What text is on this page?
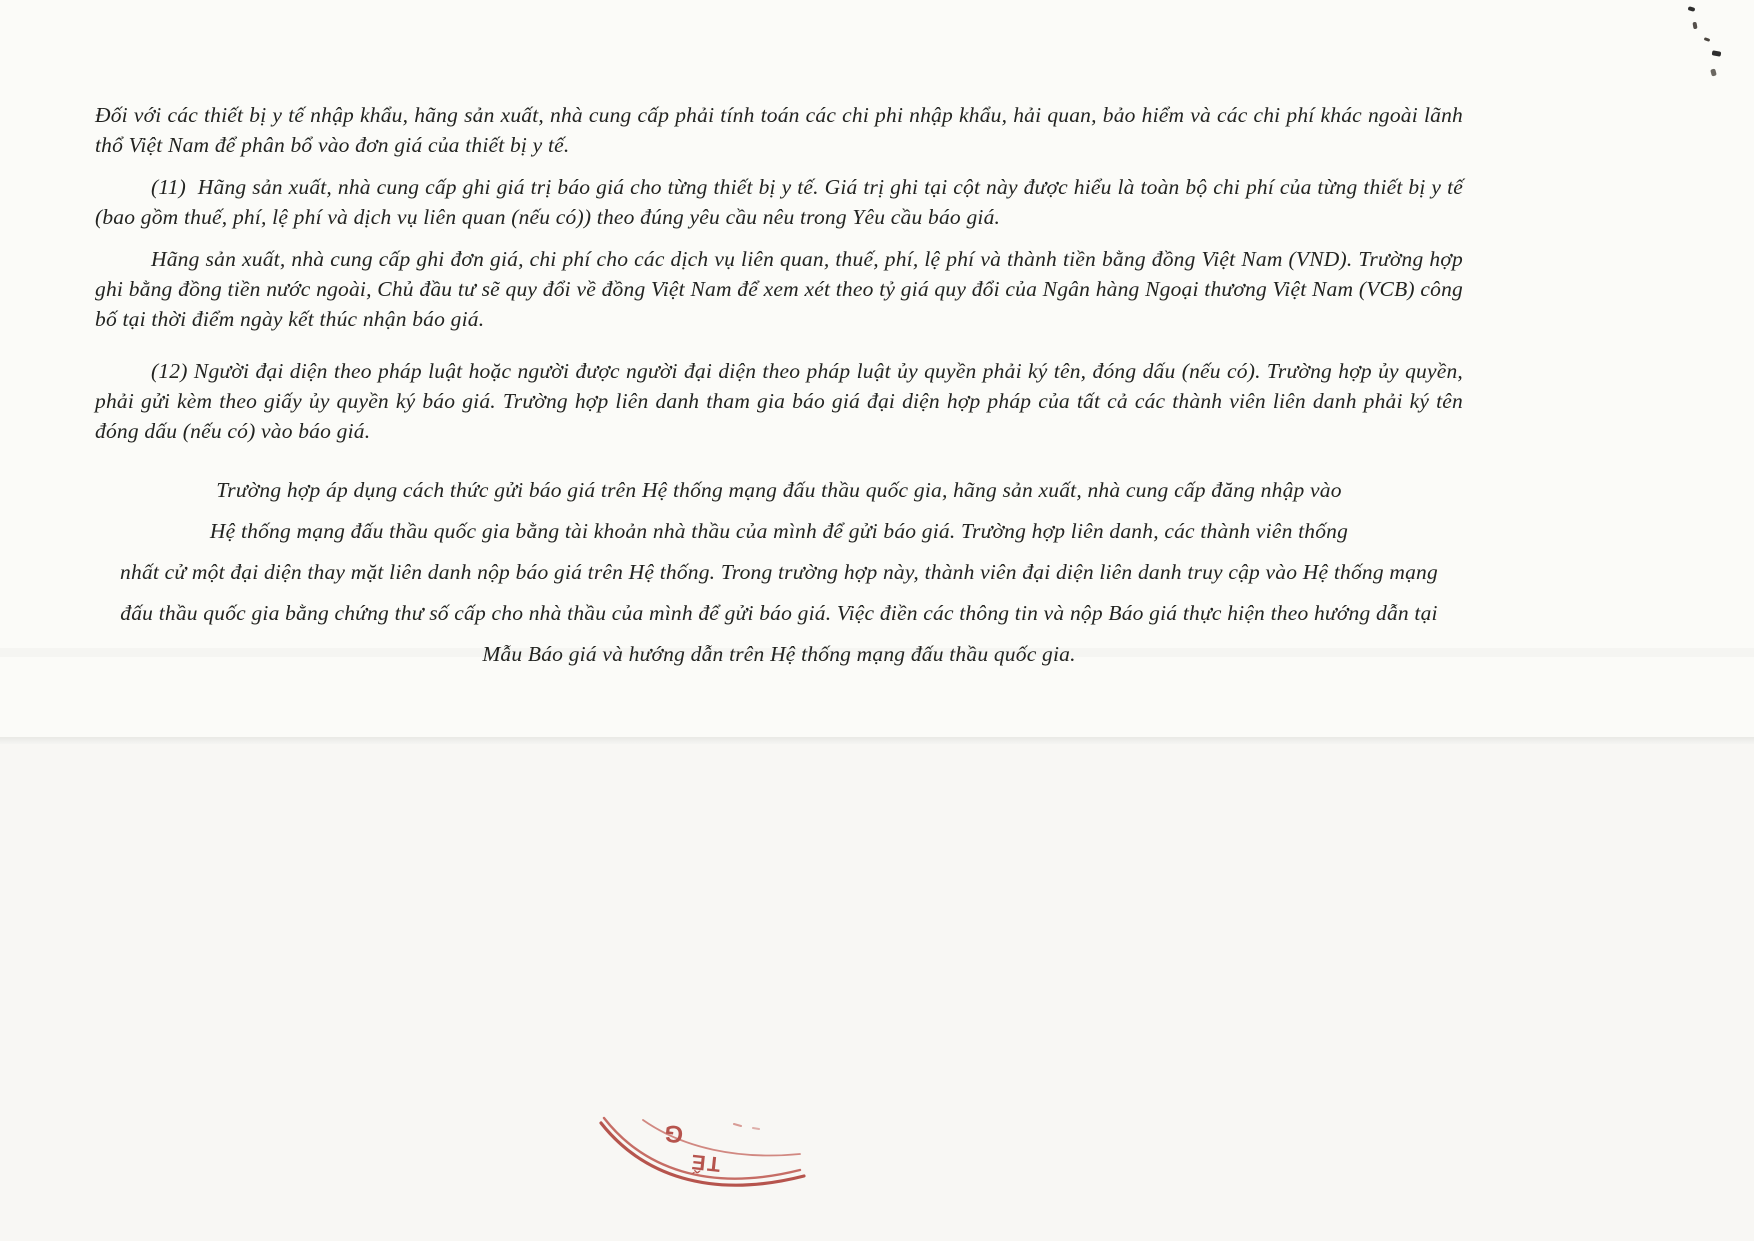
Đối với các thiết bị y tế nhập khẩu, hãng sản xuất, nhà cung cấp phải tính toán các chi phi nhập khẩu, hải quan, bảo hiểm và các chi phí khác ngoài lãnh thổ Việt Nam để phân bổ vào đơn giá của thiết bị y tế.

(11)  Hãng sản xuất, nhà cung cấp ghi giá trị báo giá cho từng thiết bị y tế. Giá trị ghi tại cột này được hiểu là toàn bộ chi phí của từng thiết bị y tế (bao gồm thuế, phí, lệ phí và dịch vụ liên quan (nếu có)) theo đúng yêu cầu nêu trong Yêu cầu báo giá.

Hãng sản xuất, nhà cung cấp ghi đơn giá, chi phí cho các dịch vụ liên quan, thuế, phí, lệ phí và thành tiền bằng đồng Việt Nam (VND). Trường hợp ghi bằng đồng tiền nước ngoài, Chủ đầu tư sẽ quy đổi về đồng Việt Nam để xem xét theo tỷ giá quy đổi của Ngân hàng Ngoại thương Việt Nam (VCB) công bố tại thời điểm ngày kết thúc nhận báo giá.

(12) Người đại diện theo pháp luật hoặc người được người đại diện theo pháp luật ủy quyền phải ký tên, đóng dấu (nếu có). Trường hợp ủy quyền, phải gửi kèm theo giấy ủy quyền ký báo giá. Trường hợp liên danh tham gia báo giá đại diện hợp pháp của tất cả các thành viên liên danh phải ký tên đóng dấu (nếu có) vào báo giá.

Trường hợp áp dụng cách thức gửi báo giá trên Hệ thống mạng đấu thầu quốc gia, hãng sản xuất, nhà cung cấp đăng nhập vào
Hệ thống mạng đấu thầu quốc gia bằng tài khoản nhà thầu của mình để gửi báo giá. Trường hợp liên danh, các thành viên thống
nhất cử một đại diện thay mặt liên danh nộp báo giá trên Hệ thống. Trong trường hợp này, thành viên đại diện liên danh truy cập vào Hệ thống mạng
đấu thầu quốc gia bằng chứng thư số cấp cho nhà thầu của mình để gửi báo giá. Việc điền các thông tin và nộp Báo giá thực hiện theo hướng dẫn tại
Mẫu Báo giá và hướng dẫn trên Hệ thống mạng đấu thầu quốc gia.
G
TẾ
